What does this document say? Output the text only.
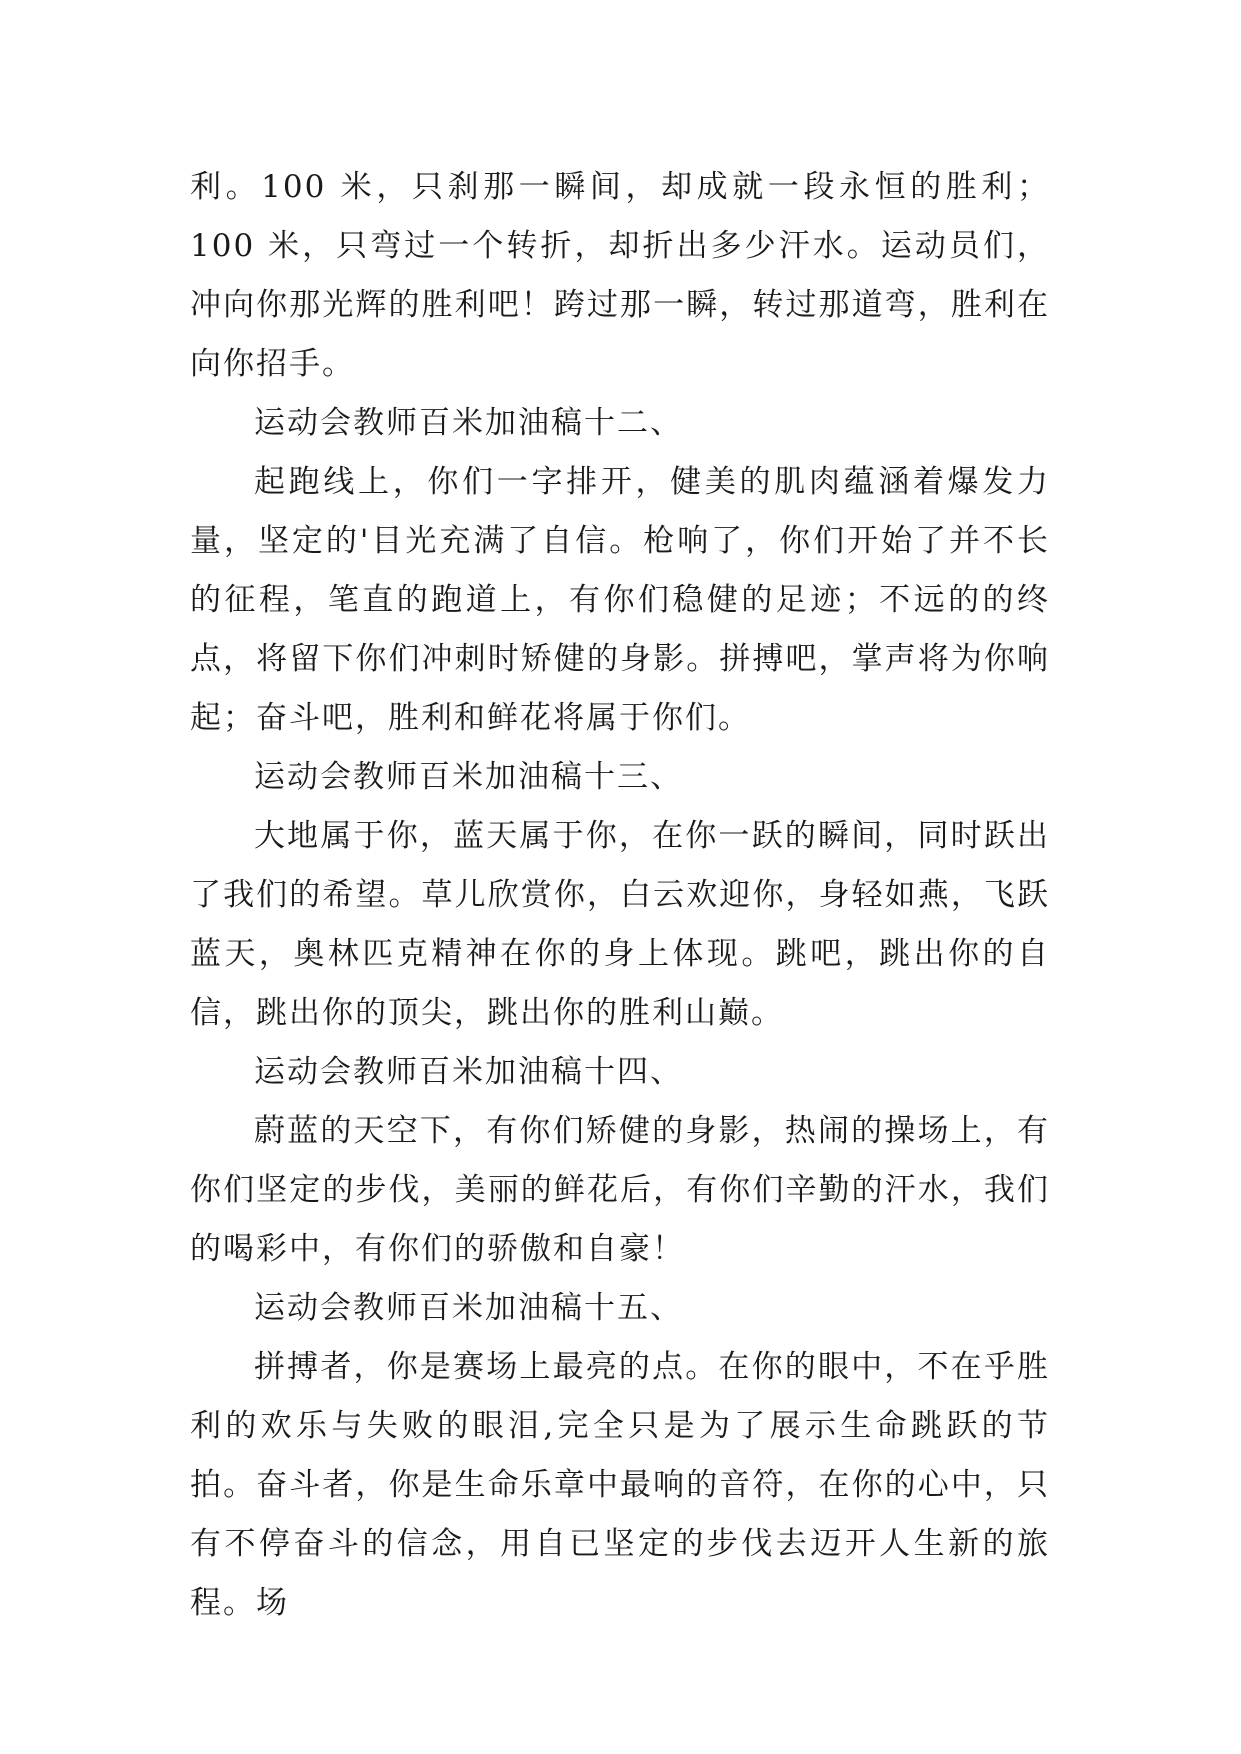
利。100 米，只刹那一瞬间，却成就一段永恒的胜利；100 米，只弯过一个转折，却折出多少汗水。运动员们，冲向你那光辉的胜利吧！跨过那一瞬，转过那道弯，胜利在向你招手。

运动会教师百米加油稿十二、

起跑线上，你们一字排开，健美的肌肉蕴涵着爆发力量，坚定的'目光充满了自信。枪响了，你们开始了并不长的征程，笔直的跑道上，有你们稳健的足迹；不远的的终点，将留下你们冲刺时矫健的身影。拼搏吧，掌声将为你响起；奋斗吧，胜利和鲜花将属于你们。

运动会教师百米加油稿十三、

大地属于你，蓝天属于你，在你一跃的瞬间，同时跃出了我们的希望。草儿欣赏你，白云欢迎你，身轻如燕，飞跃蓝天，奥林匹克精神在你的身上体现。跳吧，跳出你的自信，跳出你的顶尖，跳出你的胜利山巅。

运动会教师百米加油稿十四、

蔚蓝的天空下，有你们矫健的身影，热闹的操场上，有你们坚定的步伐，美丽的鲜花后，有你们辛勤的汗水，我们的喝彩中，有你们的骄傲和自豪！

运动会教师百米加油稿十五、

拼搏者，你是赛场上最亮的点。在你的眼中，不在乎胜利的欢乐与失败的眼泪,完全只是为了展示生命跳跃的节拍。奋斗者，你是生命乐章中最响的音符，在你的心中，只有不停奋斗的信念，用自已坚定的步伐去迈开人生新的旅程。场
